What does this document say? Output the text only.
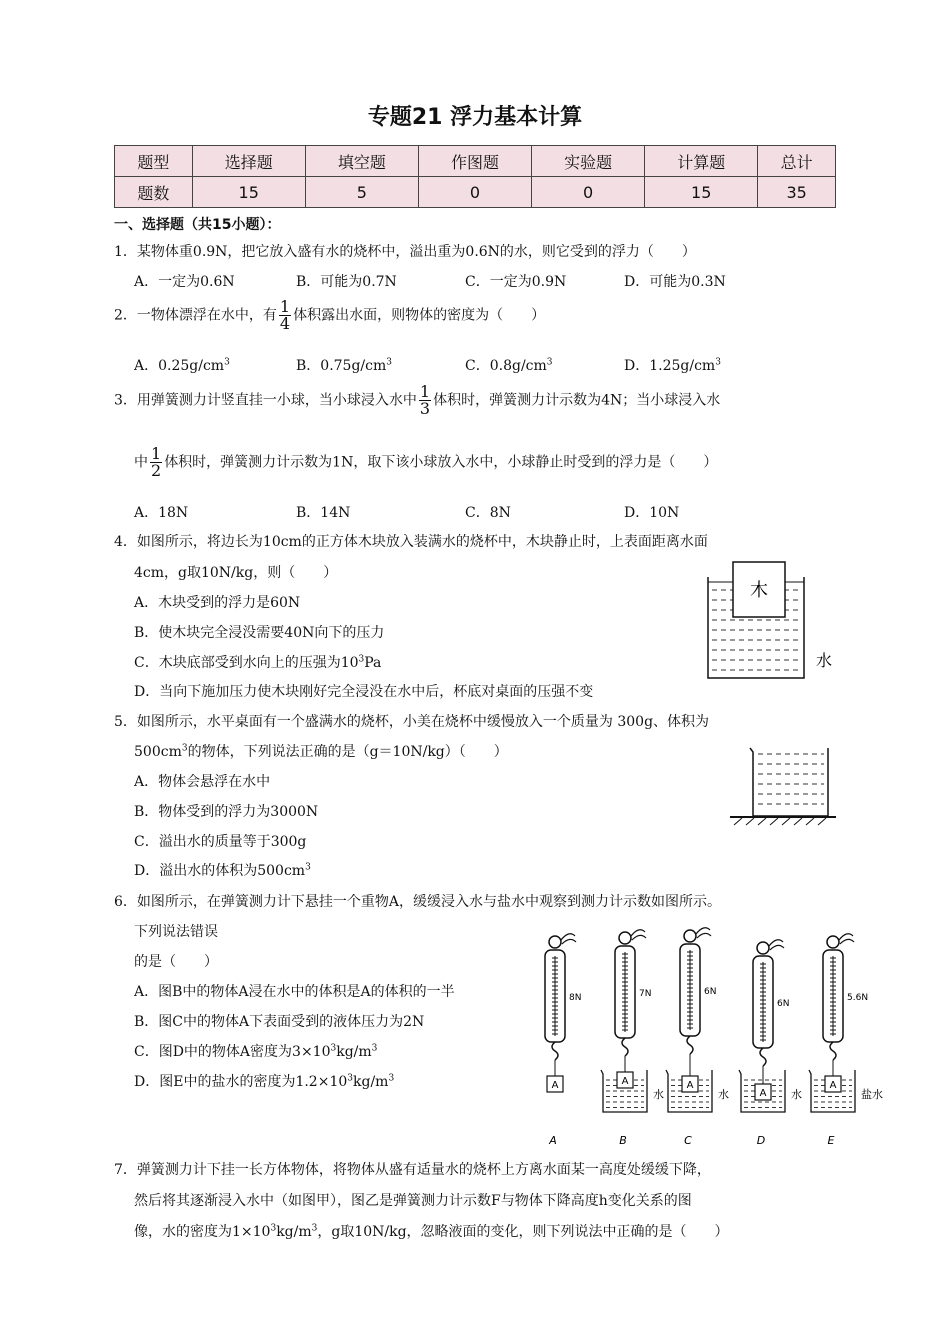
专题21 浮力基本计算
题型	选择题	填空题	作图题	实验题	计算题	总计
题数	15	5	0	0	15	35
一、选择题（共15小题）：
1．某物体重0.9N，把它放入盛有水的烧杯中，溢出重为0.6N的水，则它受到的浮力（　　）
A．一定为0.6N	B．可能为0.7N	C．一定为0.9N	D．可能为0.3N
2．一物体漂浮在水中，有 $\frac{1}{4}$ 体积露出水面，则物体的密度为（　　）
A．$0.25g/cm^3$	B．$0.75g/cm^3$	C．$0.8g/cm^3$	D．$1.25g/cm^3$
3．用弹簧测力计竖直挂一小球，当小球浸入水中 $\frac{1}{3}$ 体积时，弹簧测力计示数为4N；当小球浸入水
中 $\frac{1}{2}$ 体积时，弹簧测力计示数为1N，取下该小球放入水中，小球静止时受到的浮力是（　　）
A．18N	B．14N	C．8N	D．10N
4．如图所示，将边长为10cm的正方体木块放入装满水的烧杯中，木块静止时，上表面距离水面
4cm，g取10N/kg，则（　　）
A．木块受到的浮力是60N
B．使木块完全浸没需要40N向下的压力
C．木块底部受到水向上的压强为$10^3Pa$
D．当向下施加压力使木块刚好完全浸没在水中后，杯底对桌面的压强不变
木
水
5．如图所示，水平桌面有一个盛满水的烧杯，小美在烧杯中缓慢放入一个质量为 300g、体积为
$500cm^3$的物体，下列说法正确的是（g＝10N/kg）（　　）
A．物体会悬浮在水中
B．物体受到的浮力为3000N
C．溢出水的质量等于300g
D．溢出水的体积为$500cm^3$
6．如图所示，在弹簧测力计下悬挂一个重物A，缓缓浸入水与盐水中观察到测力计示数如图所示。
下列说法错误
的是（　　）
A．图B中的物体A浸在水中的体积是A的体积的一半
B．图C中的物体A下表面受到的液体压力为2N
C．图D中的物体A密度为$3\times 10^3kg/m^3$
D．图E中的盐水的密度为$1.2\times 10^3kg/m^3$
8N
A
A
7N
A
水
B
6N
A
水
C
6N
A 水
D
5.6N
A
盐水
E
7．弹簧测力计下挂一长方体物体，将物体从盛有适量水的烧杯上方离水面某一高度处缓缓下降，
然后将其逐渐浸入水中（如图甲），图乙是弹簧测力计示数F与物体下降高度h变化关系的图
像，水的密度为$1\times 10^3kg/m^3$，g取10N/kg，忽略液面的变化，则下列说法中正确的是（　　）
